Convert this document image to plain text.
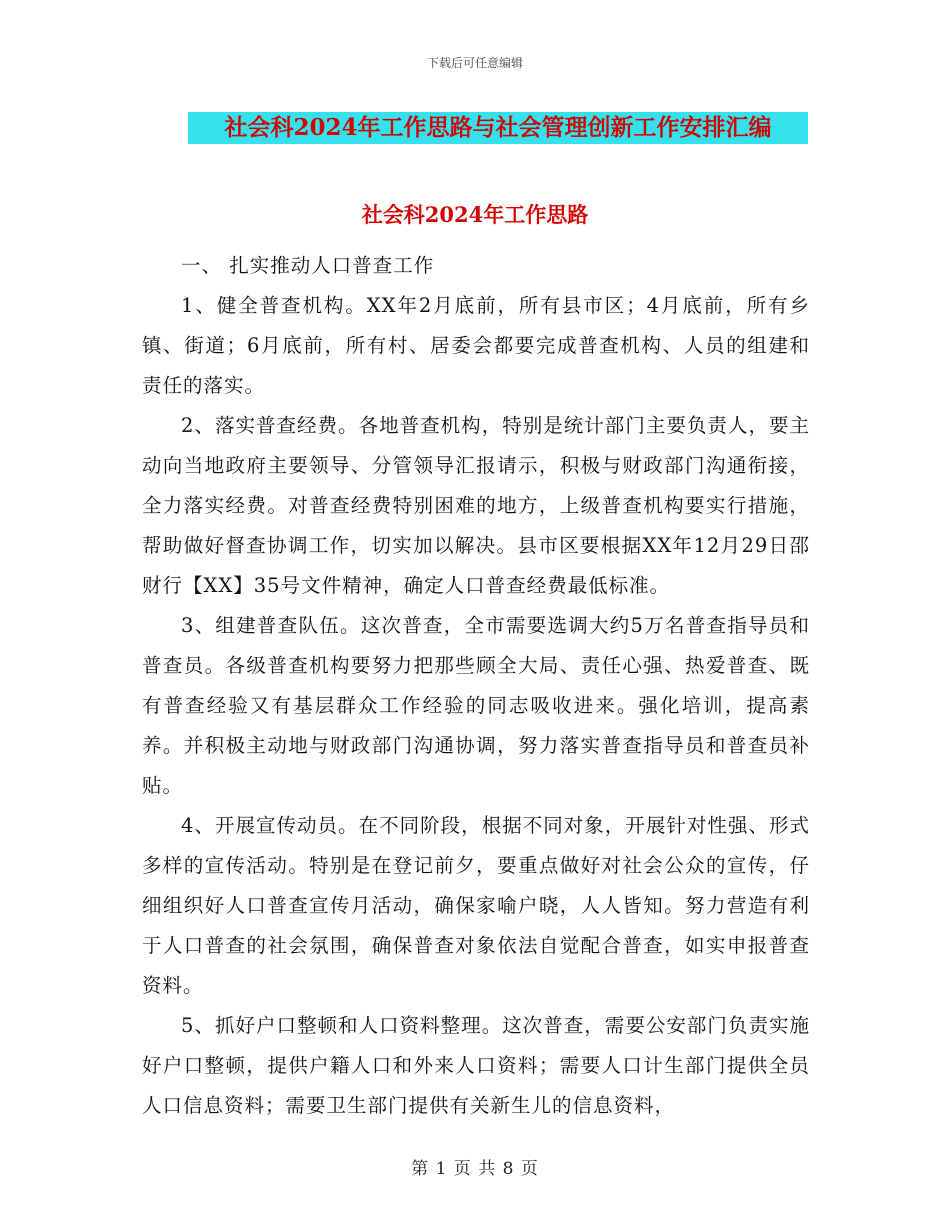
下载后可任意编辑
社会科2024年工作思路与社会管理创新工作安排汇编
社会科2024年工作思路

一、 扎实推动人口普查工作

1、健全普查机构。XX年2月底前，所有县市区；4月底前，所有乡镇、街道；6月底前，所有村、居委会都要完成普查机构、人员的组建和责任的落实。

2、落实普查经费。各地普查机构，特别是统计部门主要负责人，要主动向当地政府主要领导、分管领导汇报请示，积极与财政部门沟通衔接，全力落实经费。对普查经费特别困难的地方，上级普查机构要实行措施，帮助做好督查协调工作，切实加以解决。县市区要根据XX年12月29日邵财行【XX】35号文件精神，确定人口普查经费最低标准。

3、组建普查队伍。这次普查，全市需要选调大约5万名普查指导员和普查员。各级普查机构要努力把那些顾全大局、责任心强、热爱普查、既有普查经验又有基层群众工作经验的同志吸收进来。强化培训，提高素养。并积极主动地与财政部门沟通协调，努力落实普查指导员和普查员补贴。

4、开展宣传动员。在不同阶段，根据不同对象，开展针对性强、形式多样的宣传活动。特别是在登记前夕，要重点做好对社会公众的宣传，仔细组织好人口普查宣传月活动，确保家喻户晓，人人皆知。努力营造有利于人口普查的社会氛围，确保普查对象依法自觉配合普查，如实申报普查资料。

5、抓好户口整顿和人口资料整理。这次普查，需要公安部门负责实施好户口整顿，提供户籍人口和外来人口资料；需要人口计生部门提供全员人口信息资料；需要卫生部门提供有关新生儿的信息资料，

第 1 页 共 8 页
